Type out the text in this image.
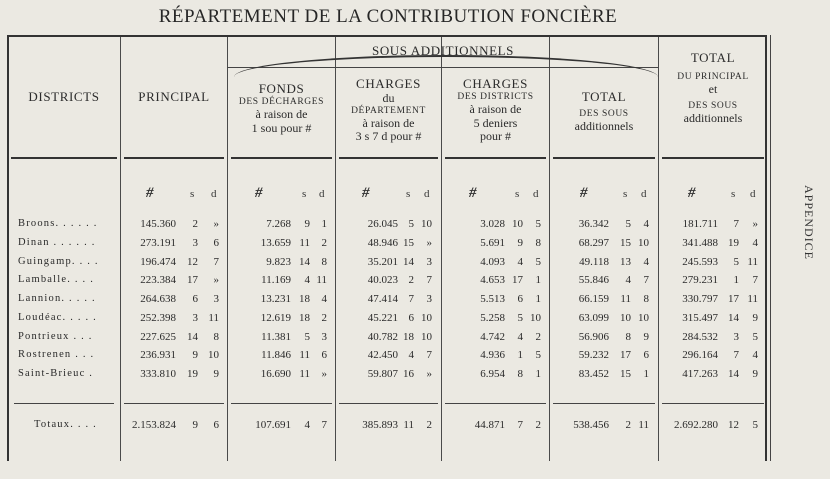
RÉPARTEMENT DE LA CONTRIBUTION FONCIÈRE
APPENDICE
DISTRICTS	PRINCIPAL
SOUS ADDITIONNELS
FONDS
DES DÉCHARGES
à raison de
1 sou pour #
CHARGES
du
DÉPARTEMENT
à raison de
3 s 7 d pour #
CHARGES
DES DISTRICTS
à raison de
5 deniers
pour #
TOTAL
DES SOUS
additionnels
TOTAL
DU PRINCIPAL
et
DES SOUS
additionnels
#	s d	#	s d	#	s d	#	s d	#	s d	#	s d
Broons. . . . . .	145.360	2	»	7.268	9	1	26.045 5 10	3.028 10	5	36.342	5	4	181.711	7	»
Dinan . . . . . .	273.191	3	6	13.659 11	2	48.946 15	»	5.691	9	8	68.297	15 10	341.488 19	4
Guingamp. . . .	196.474	12	7	9.823 14	8	35.201 14	3	4.093	4	5	49.118	13	4	245.593	5 11
Lamballe. . . .	223.384	17	»	11.169	4 11	40.023 2	7	4.653 17	1	55.846	4	7	279.231	1	7
Lannion. . . . .	264.638	6	3	13.231 18	4	47.414 7	3	5.513	6	1	66.159	11	8	330.797 17 11
Loudéac. . . . .	252.398	3 11	12.619 18	2	45.221 6 10	5.258	5 10	63.099	10 10	315.497 14	9
Pontrieux . . .	227.625	14	8	11.381	5	3	40.782 18 10	4.742	4	2	56.906	8	9	284.532	3	5
Rostrenen . . .	236.931	9 10	11.846 11	6	42.450 4	7	4.936	1	5	59.232	17	6	296.164	7	4
Saint-Brieuc .	333.810	19	9	16.690 11	»	59.807 16	»	6.954	8	1	83.452	15	1	417.263 14	9
Totaux. . . .	2.153.824	9	6	107.691	4	7	385.893 11	2	44.871	7	2	538.456	2 11	2.692.280 12	5
